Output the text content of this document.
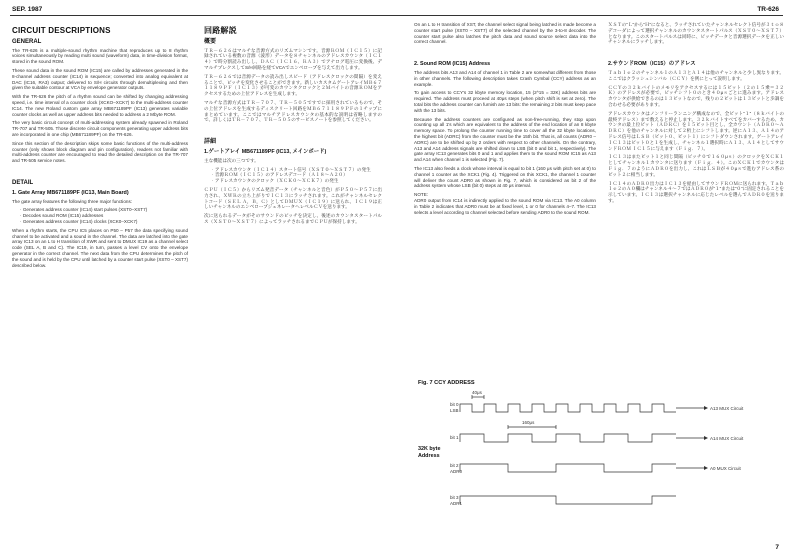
SEP. 1987	TR-626
CIRCUIT DESCRIPTIONS
GENERAL

The TR-626 is a multiple-sound rhythm machine that reproduces up to 8 rhythm voices simultaneously by reading multi sound (waveform) data, in time-division format, stored in the sound ROM.

These sound data in the sound ROM (IC15) are called by addresses generated in the 8-channel address counter (IC14) in sequence; converted into analog equivalent at DAC (IC16, RA3) output; delivered to S/H circuits through demultiplexing and then given the suitable contour at VCA by envelope generator outputs.

With the TR-626 the pitch of a rhythm sound can be shifted by changing addressing speed, i.e. time interval of a counter clock (XCKO–XCK7) to the multi-address counter IC14. The new Roland custom gate array MB671189PF (IC13) generates variable counter clocks as well as upper address bits needed to address a 2 Mbyte ROM.

The very basic circuit concept of multi-addressing system already spawned in Roland TR-707 and TR-505. Those discrete circuit components generating upper address bits are incorporated in one chip (MB671189PF) on the TR-626.

Since this section of the description skips some basic functions of the multi-address counter (only shows block diagram and pin configuration), readers not familiar with multi-address counter are encouraged to read the detailed description on the TR-707 and TR-505 service notes.

DETAIL
1. Gate Array MB671189PF (IC13, Main Board)

The gate array features the following three major functions:

· Generates address counter (IC14) start pulses (XST0–XST7)
· Decodes sound ROM (IC15) addresses
· Generates address counter (IC14) clocks (XCK0–XCK7)

When a rhythm starts, the CPU IC5 places on P50 – P57 the data specifying sound channel to be activated and a sound in the channel. The data are latched into the gate array IC13 on an L to H transition of XWR and sent to DMUX IC19 as a channel select code (SEL A, B and C). The IC19, in turn, passes a level CV onto the envelope generator in the correct channel. The next data from the CPU determines the pitch of the sound and is held by the CPU until latched by a counter start pulse (XST0 – XST7) described below.

回路解説
概要

ＴＲ－６２６はマルチな音源方式のリズムマシンです。音源ＲＯＭ（ＩＣ１５）に記録されている複数の音源（波形）データを８チャンネルのアドレスカウンタ（ＩＣ１４）で時分割読み出しし、ＤＡＣ（ＩＣ１６、ＲＡ３）でアナログ電圧に変換後、デマルチプレクスしてS/H回路を経てVCAでエンベロープを与えて出力します。

ＴＲ－６２６では音源データの読み出しスピード（アドレスクロックの間隔）を変えることで、ピッチを変化させることができます。新しいカスタムゲートアレイＭＢ６７１１８９ＰＦ（ＩＣ１３）が可変のカウンタクロックと２Ｍバイトの音源ＲＯＭをアクセスするための上位アドレスを生成します。

マルチな音源方式はＴＲ－７０７、ＴＲ－５０５ですでに採用されているもので、その上位アドレスを生成するディスクリート回路をＭＢ６７１１８９ＰＦの１チップにまとめています。ここではマルチアドレスカウンタの基本的な説明は省略しますので、詳しくはＴＲ－７０７、ＴＲ－５０５のサービスノートを参照してください。

詳細
1.ゲートアレイ MB671189PF (IC13, メインボード)

主な機能は次の三つです。

· アドレスカウンタ（ＩＣ１４）スタート信号（ＸＳＴ０～ＸＳＴ７）の発生
· 音源ＲＯＭ（ＩＣ１５）のアドレスデコード（Ａ１８～Ａ２０）
· アドレスカウンタのクロック（ＸＣＫ０～ＸＣＫ７）の発生

ＣＰＵ（ＩＣ５）からリズム発音データ（チャンネルと音色）がＰ５０～Ｐ５７に出力され、ＸＷＲの立ち上がりでＩＣ１３にラッチされます。これがチャンネルセレクトコード（ＳＥＬ Ａ，Ｂ，Ｃ）としてＤＭＵＸ（ＩＣ１９）に送られ、ＩＣ１９は正しいチャンネルのエンベロープジェネレータへレベルＣＶを送ります。

次に送られるデータがそのサウンドのピッチを決定し、後述のカウンタスタートパルス（ＸＳＴ０～ＸＳＴ７）によってラッチされるまでＣＰＵが保持します。

On an L to H transition of XST, the channel select signal being latched is made become a counter start pulse (XST0 – XST7) of the selected channel by the 3-to-8 decoder. The counter start pulse also latches the pitch data and sound source select data into the correct channel.

2. Sound ROM (IC15) Address

The address bits A13 and A14 of channel 1 in Table 2 are somewhat different from those in other channels. The following description takes Crash Cymbal (CCY) address as an example.

To gain access to CCY's 32 kbyte memory location, 15 (2^15 = 32K) address bits are required. The address must proceed at 40μs steps (when pitch shift is set at zero). The total bits the address counter can furnish are 13 bits: the remaining 2 bits must keep pace with the 13 bits.

Because the address counters are configured as non-free-running, they stop upon counting up all 1's which are equivalent to the address of the end location of an 8 kbyte memory space. To prolong the counter running time to cover all the 32 kbyte locations, the highest bit (ADRC) from the counter must be the 15th bit. That is, all counts (ADR0 – ADRC) are to be shifted up by 2 orders with respect to other channels. On the contrary, A13 and A14 address signals are shifted down to LSB (bit 0 and bit 1, respectively). The gate array IC13 generates bits 0 and 1 and applies them to the sound ROM IC15 as A13 and A14 when channel 1 is selected (Fig. 7).

The IC13 also feeds a clock whose interval is equal to bit 1 (160 μs with pitch set at 0) to channel 1 counter as the XCK1 (Fig. 4). Triggered on this XCK1, the channel 1 counter will deliver the count ADR0 as shown in Fig. 7, which is considered as bit 2 of the address system whose LSB (bit 0) steps at 40 μs interval.

NOTE:

ADR0 output from IC14 is indirectly applied to the sound ROM via IC13. The A0 column in Table 2 indicates that ADR0 must be at fixed level, 1 or 0 for channels 4–7. The IC13 selects a level according to channel selected before sending ADR0 to the sound ROM.

ＸＳＴの“Ｌ”から“Ｈ”になると、ラッチされていたチャンネルセレクト信号が３ｔｏ８デコーダによって選択チャンネルのカウンタスタートパルス（ＸＳＴ０～ＸＳＴ７）となります。このスタートパルスは同時に、ピッチデータと音源選択データを正しいチャンネルにラッチします。

2.サウンドROM（IC15）のアドレス

Ｔａｂｌｅ２のチャンネル１のＡ１３とＡ１４は他のチャンネルと少し異なります。ここではクラッシュシンバル（ＣＣＹ）を例にとって説明します。

ＣＣＹの３２ｋバイトのメモリをアクセスするには１５ビット（２の１５乗＝３２Ｋ）のアドレスが必要で、ピッチシフト０のとき４０μｓごとに進みます。アドレスカウンタが供給できるのは１３ビットなので、残りの２ビットは１３ビットと歩調を合わせる必要があります。

アドレスカウンタはノンフリーランニング構成なので、全ビット“１”（８ｋバイトの最終アドレス）まで数えると停止します。３２ｋバイトすべてをカバーするため、カウンタの最上位ビット（ＡＤＲＣ）を１５ビット目とし、全カウント（ＡＤＲ０～ＡＤＲＣ）を他のチャンネルに対して２桁上にシフトします。逆にＡ１３、Ａ１４のアドレス信号はＬＳＢ（ビット０、ビット１）にシフトダウンされます。ゲートアレイＩＣ１３はビット０と１を生成し、チャンネル１選択時にＡ１３、Ａ１４としてサウンドＲＯＭ ＩＣ１５に与えます（Ｆｉｇ．７）。

ＩＣ１３はまたビット１と同じ間隔（ピッチ０で１６０μｓ）のクロックをＸＣＫ１としてチャンネル１カウンタに送ります（Ｆｉｇ．４）。このＸＣＫ１でカウンタはＦｉｇ．７のようにＡＤＲ０を出力し、これはＬＳＢが４０μｓで進むアドレス系のビット２に相当します。

ＩＣ１４のＡＤＲ０出力はＩＣ１３を経由してサウンドＲＯＭに送られます。Ｔａｂｌｅ２のＡ０欄はチャンネル４～７ではＡＤＲ０が“１”または“０”に固定されることを示しています。ＩＣ１３は選択チャンネルに応じたレベルを選んでＡＤＲ０を送ります。

Fig. 7 CCY ADDRESS
32K byte
Address
bit 0
LSB
bit 1
bit 2
ADR0
bit 3
ADR1
40μs
160μs
A13 MUX Circuit
A14 MUX Circuit
A0 MUX Circuit
7
